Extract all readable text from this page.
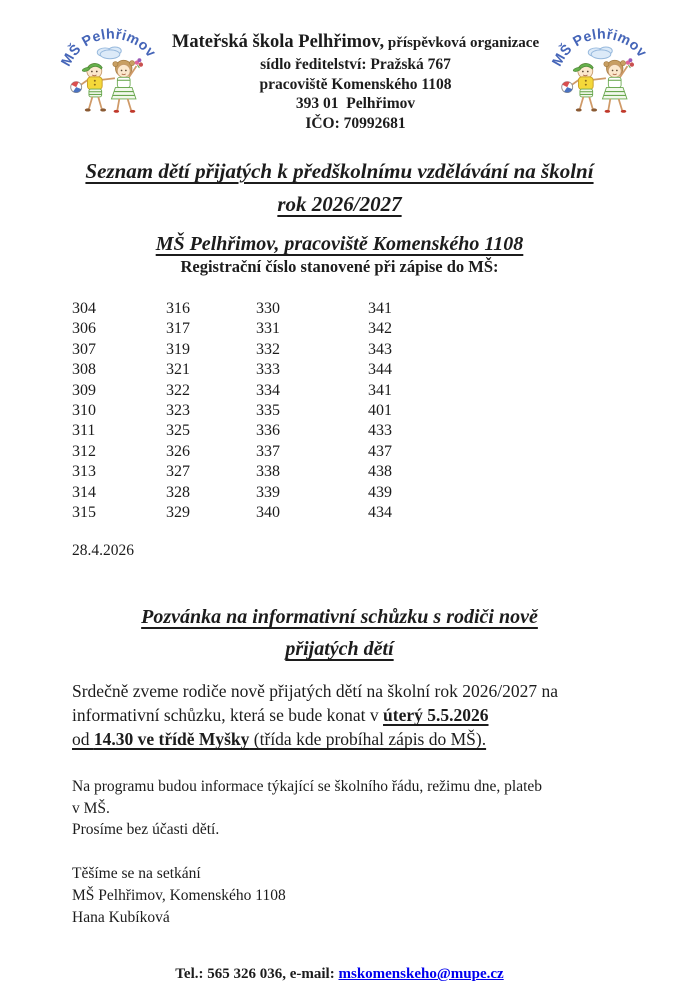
Mateřská škola Pelhřimov, příspěvková organizace
sídlo ředitelství: Pražská 767
pracoviště Komenského 1108
393 01  Pelhřimov
IČO: 70992681
Seznam dětí přijatých k předškolnímu vzdělávání na školní
rok 2026/2027
MŠ Pelhřimov, pracoviště Komenského 1108
Registrační číslo stanovené při zápise do MŠ:
304	316	330	341
306	317	331	342
307	319	332	343
308	321	333	344
309	322	334	341
310	323	335	401
311	325	336	433
312	326	337	437
313	327	338	438
314	328	339	439
315	329	340	434
28.4.2026
Pozvánka na informativní schůzku s rodiči nově
přijatých dětí
Srdečně zveme rodiče nově přijatých dětí na školní rok 2026/2027 na
informativní schůzku, která se bude konat v úterý 5.5.2026
od 14.30 ve třídě Myšky (třída kde probíhal zápis do MŠ).
Na programu budou informace týkající se školního řádu, režimu dne, plateb
v MŠ.
Prosíme bez účasti dětí.
Těšíme se na setkání
MŠ Pelhřimov, Komenského 1108
Hana Kubíková
Tel.: 565 326 036, e-mail: mskomenskeho@mupe.cz
